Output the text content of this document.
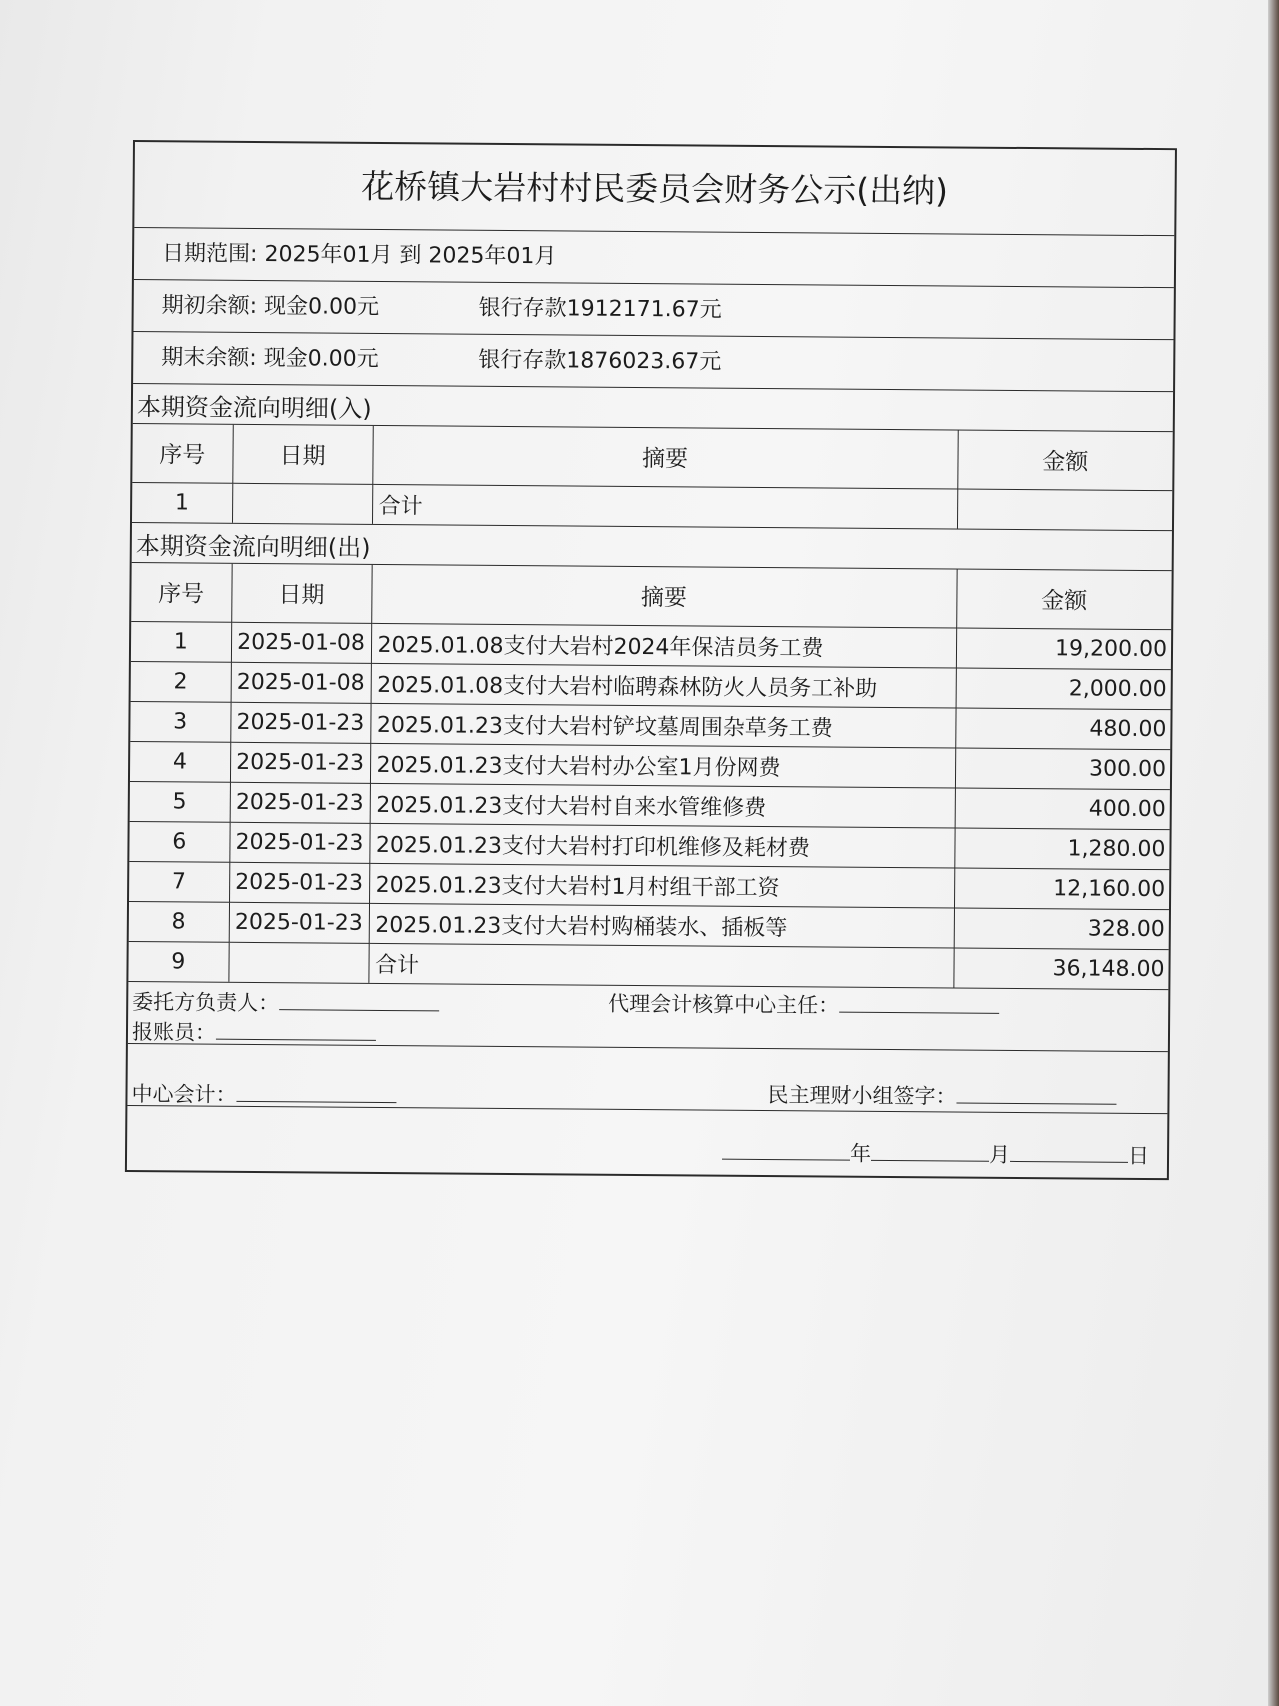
花桥镇大岩村村民委员会财务公示(出纳)
日期范围: 2025年01月 到 2025年01月
期初余额: 现金0.00元	银行存款1912171.67元
期末余额: 现金0.00元	银行存款1876023.67元
本期资金流向明细(入)
序号	日期	摘要	金额
1		合计	
本期资金流向明细(出)
序号	日期	摘要	金额
1	2025-01-08	2025.01.08支付大岩村2024年保洁员务工费	19,200.00
2	2025-01-08	2025.01.08支付大岩村临聘森林防火人员务工补助	2,000.00
3	2025-01-23	2025.01.23支付大岩村铲坟墓周围杂草务工费	480.00
4	2025-01-23	2025.01.23支付大岩村办公室1月份网费	300.00
5	2025-01-23	2025.01.23支付大岩村自来水管维修费	400.00
6	2025-01-23	2025.01.23支付大岩村打印机维修及耗材费	1,280.00
7	2025-01-23	2025.01.23支付大岩村1月村组干部工资	12,160.00
8	2025-01-23	2025.01.23支付大岩村购桶装水、插板等	328.00
9		合计	36,148.00
委托方负责人：	代理会计核算中心主任：
报账员：
中心会计：	民主理财小组签字：
年	月	日
